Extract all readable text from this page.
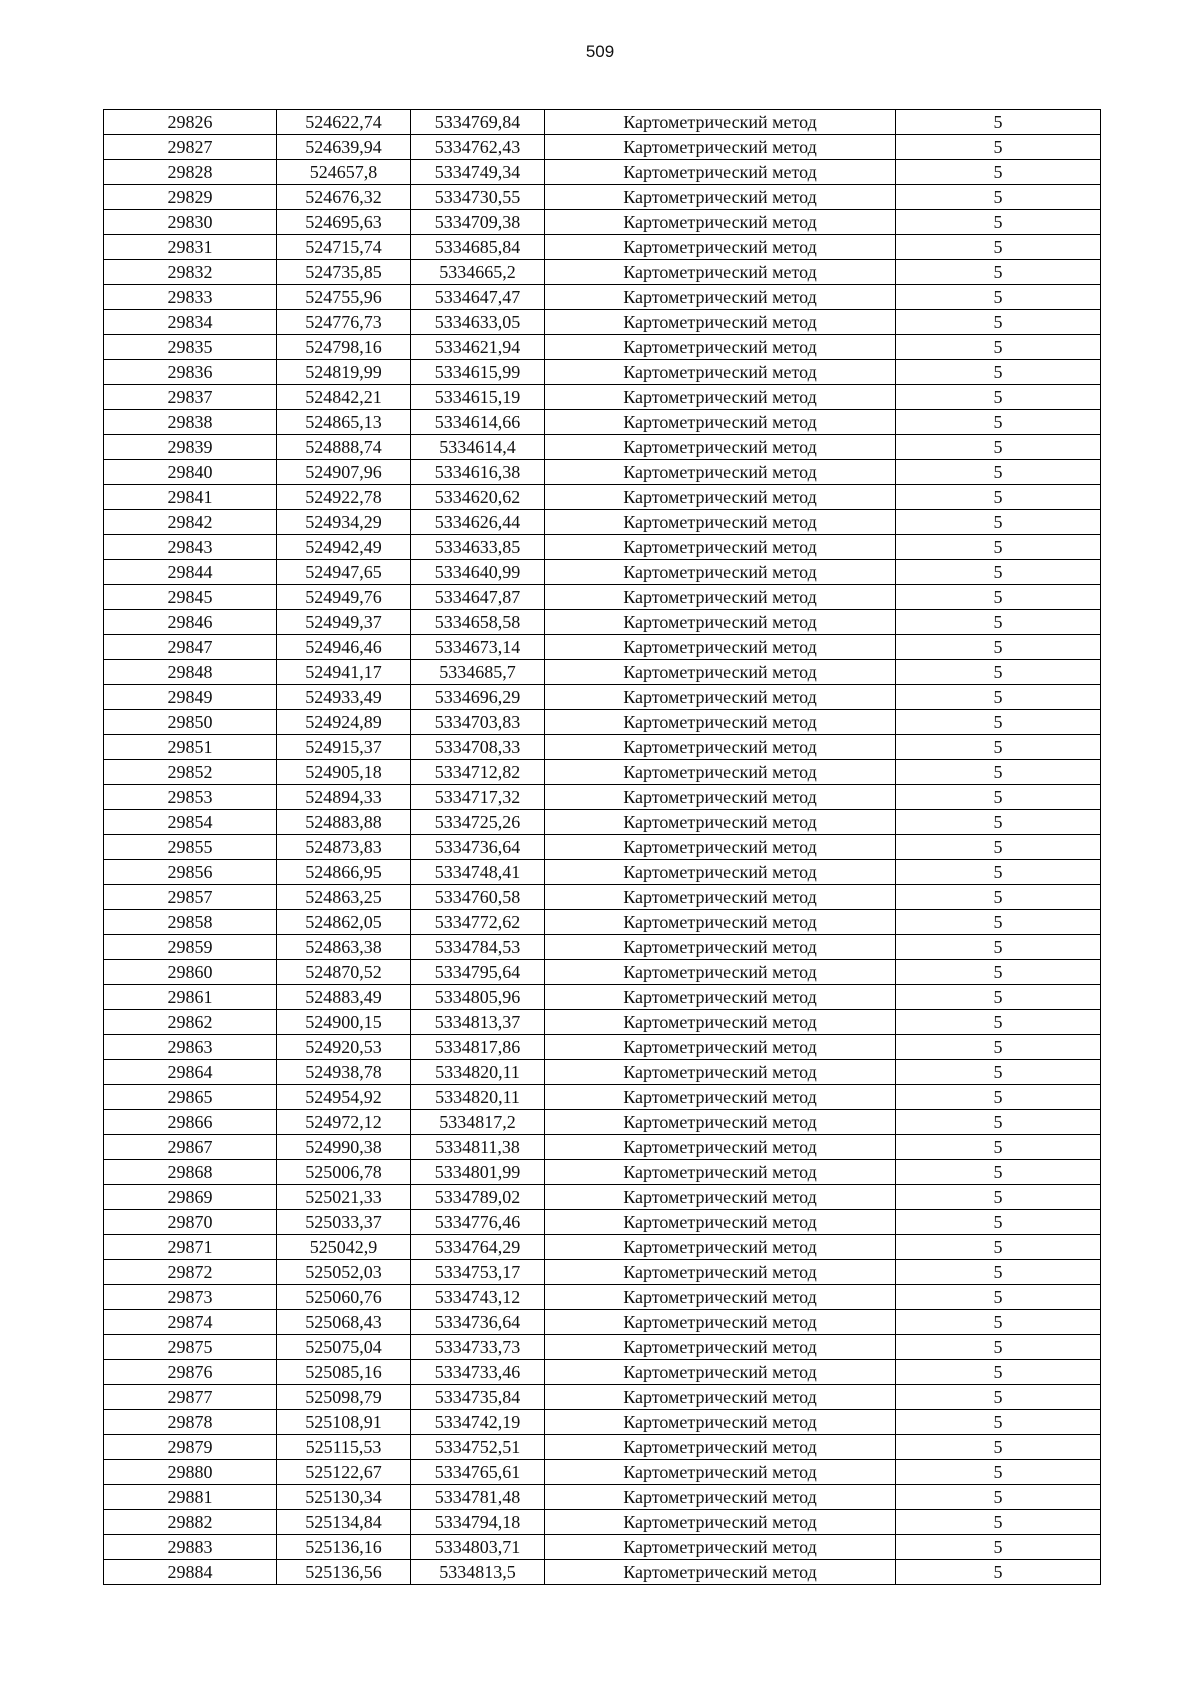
509
29826	524622,74	5334769,84	Картометрический метод	5
29827	524639,94	5334762,43	Картометрический метод	5
29828	524657,8	5334749,34	Картометрический метод	5
29829	524676,32	5334730,55	Картометрический метод	5
29830	524695,63	5334709,38	Картометрический метод	5
29831	524715,74	5334685,84	Картометрический метод	5
29832	524735,85	5334665,2	Картометрический метод	5
29833	524755,96	5334647,47	Картометрический метод	5
29834	524776,73	5334633,05	Картометрический метод	5
29835	524798,16	5334621,94	Картометрический метод	5
29836	524819,99	5334615,99	Картометрический метод	5
29837	524842,21	5334615,19	Картометрический метод	5
29838	524865,13	5334614,66	Картометрический метод	5
29839	524888,74	5334614,4	Картометрический метод	5
29840	524907,96	5334616,38	Картометрический метод	5
29841	524922,78	5334620,62	Картометрический метод	5
29842	524934,29	5334626,44	Картометрический метод	5
29843	524942,49	5334633,85	Картометрический метод	5
29844	524947,65	5334640,99	Картометрический метод	5
29845	524949,76	5334647,87	Картометрический метод	5
29846	524949,37	5334658,58	Картометрический метод	5
29847	524946,46	5334673,14	Картометрический метод	5
29848	524941,17	5334685,7	Картометрический метод	5
29849	524933,49	5334696,29	Картометрический метод	5
29850	524924,89	5334703,83	Картометрический метод	5
29851	524915,37	5334708,33	Картометрический метод	5
29852	524905,18	5334712,82	Картометрический метод	5
29853	524894,33	5334717,32	Картометрический метод	5
29854	524883,88	5334725,26	Картометрический метод	5
29855	524873,83	5334736,64	Картометрический метод	5
29856	524866,95	5334748,41	Картометрический метод	5
29857	524863,25	5334760,58	Картометрический метод	5
29858	524862,05	5334772,62	Картометрический метод	5
29859	524863,38	5334784,53	Картометрический метод	5
29860	524870,52	5334795,64	Картометрический метод	5
29861	524883,49	5334805,96	Картометрический метод	5
29862	524900,15	5334813,37	Картометрический метод	5
29863	524920,53	5334817,86	Картометрический метод	5
29864	524938,78	5334820,11	Картометрический метод	5
29865	524954,92	5334820,11	Картометрический метод	5
29866	524972,12	5334817,2	Картометрический метод	5
29867	524990,38	5334811,38	Картометрический метод	5
29868	525006,78	5334801,99	Картометрический метод	5
29869	525021,33	5334789,02	Картометрический метод	5
29870	525033,37	5334776,46	Картометрический метод	5
29871	525042,9	5334764,29	Картометрический метод	5
29872	525052,03	5334753,17	Картометрический метод	5
29873	525060,76	5334743,12	Картометрический метод	5
29874	525068,43	5334736,64	Картометрический метод	5
29875	525075,04	5334733,73	Картометрический метод	5
29876	525085,16	5334733,46	Картометрический метод	5
29877	525098,79	5334735,84	Картометрический метод	5
29878	525108,91	5334742,19	Картометрический метод	5
29879	525115,53	5334752,51	Картометрический метод	5
29880	525122,67	5334765,61	Картометрический метод	5
29881	525130,34	5334781,48	Картометрический метод	5
29882	525134,84	5334794,18	Картометрический метод	5
29883	525136,16	5334803,71	Картометрический метод	5
29884	525136,56	5334813,5	Картометрический метод	5
